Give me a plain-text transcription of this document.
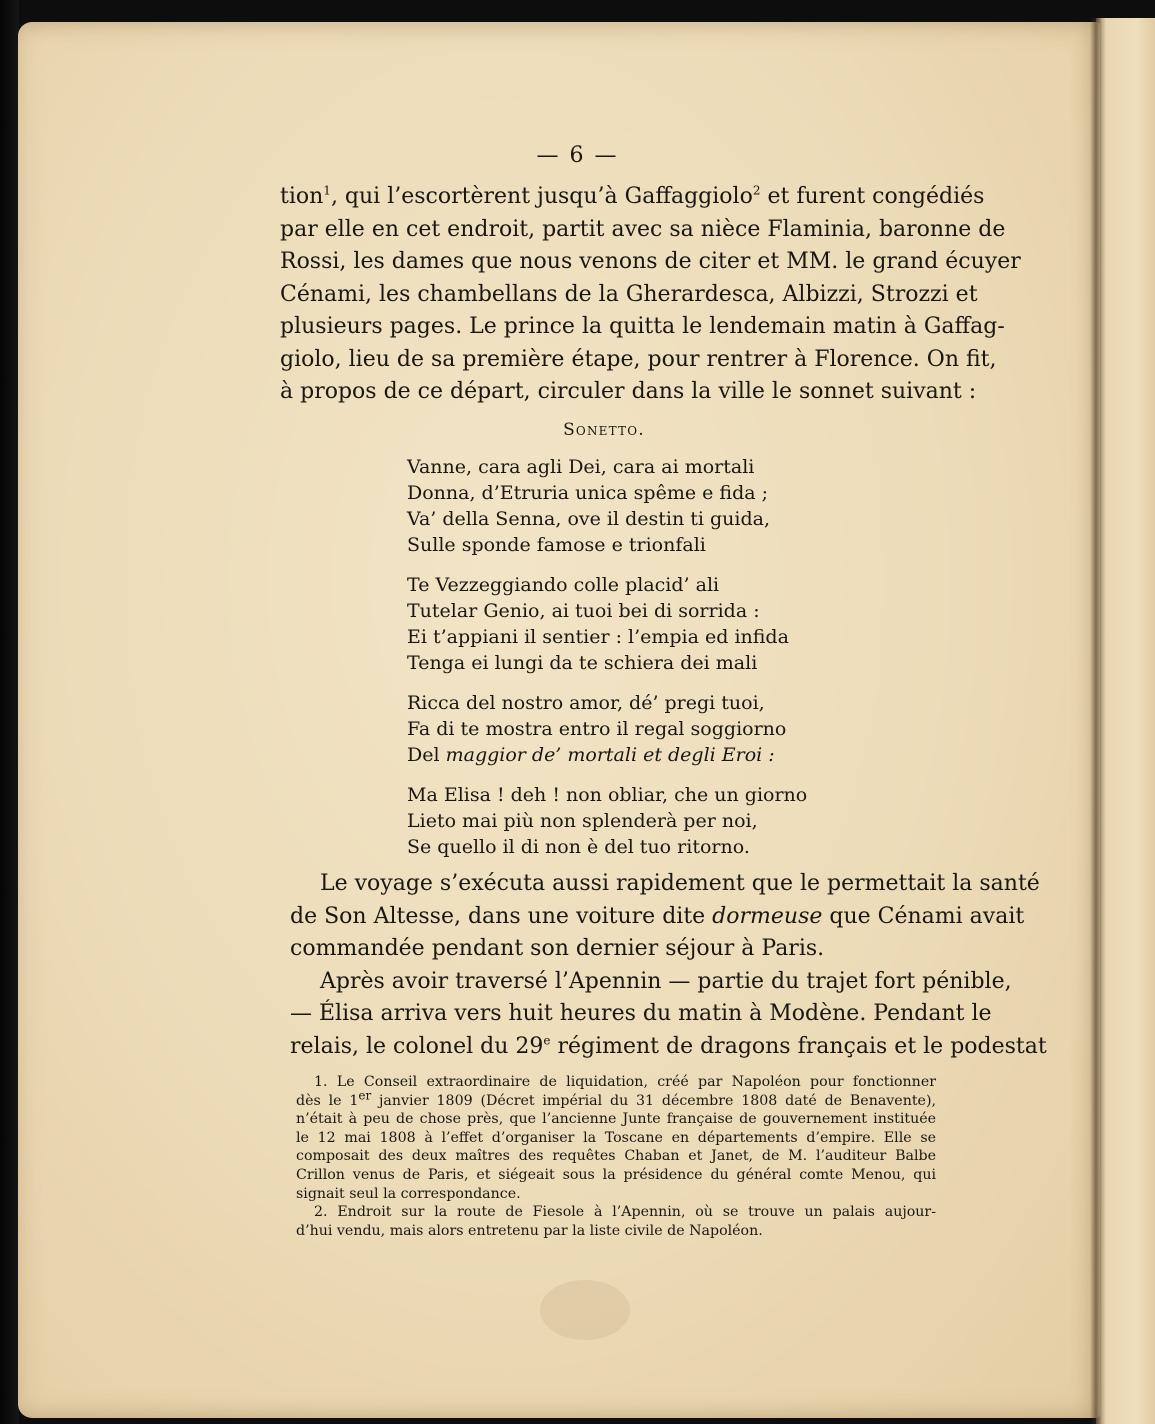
— 6 —
tion$^1$, qui l’escortèrent jusqu’à Gaffaggiolo$^2$ et furent congédiés
par elle en cet endroit, partit avec sa nièce Flaminia, baronne de
Rossi, les dames que nous venons de citer et MM. le grand écuyer
Cénami, les chambellans de la Gherardesca, Albizzi, Strozzi et
plusieurs pages. Le prince la quitta le lendemain matin à Gaffag-
giolo, lieu de sa première étape, pour rentrer à Florence. On fit,
à propos de ce départ, circuler dans la ville le sonnet suivant :
Sonetto.
Vanne, cara agli Dei, cara ai mortali
Donna, d’Etruria unica spême e fida ;
Va’ della Senna, ove il destin ti guida,
Sulle sponde famose e trionfali
Te Vezzeggiando colle placid’ ali
Tutelar Genio, ai tuoi bei di sorrida :
Ei t’appiani il sentier : l’empia ed infida
Tenga ei lungi da te schiera dei mali
Ricca del nostro amor, dé’ pregi tuoi,
Fa di te mostra entro il regal soggiorno
Del maggior de’ mortali et degli Eroi :
Ma Elisa ! deh ! non obliar, che un giorno
Lieto mai più non splenderà per noi,
Se quello il di non è del tuo ritorno.
Le voyage s’exécuta aussi rapidement que le permettait la santé
de Son Altesse, dans une voiture dite dormeuse que Cénami avait
commandée pendant son dernier séjour à Paris.
Après avoir traversé l’Apennin — partie du trajet fort pénible,
— Élisa arriva vers huit heures du matin à Modène. Pendant le
relais, le colonel du 29e régiment de dragons français et le podestat
1. Le Conseil extraordinaire de liquidation, créé par Napoléon pour fonctionner
dès le 1er janvier 1809 (Décret impérial du 31 décembre 1808 daté de Benavente),
n’était à peu de chose près, que l’ancienne Junte française de gouvernement instituée
le 12 mai 1808 à l’effet d’organiser la Toscane en départements d’empire. Elle se
composait des deux maîtres des requêtes Chaban et Janet, de M. l’auditeur Balbe
Crillon venus de Paris, et siégeait sous la présidence du général comte Menou, qui
signait seul la correspondance.
2. Endroit sur la route de Fiesole à l’Apennin, où se trouve un palais aujour-
d’hui vendu, mais alors entretenu par la liste civile de Napoléon.
